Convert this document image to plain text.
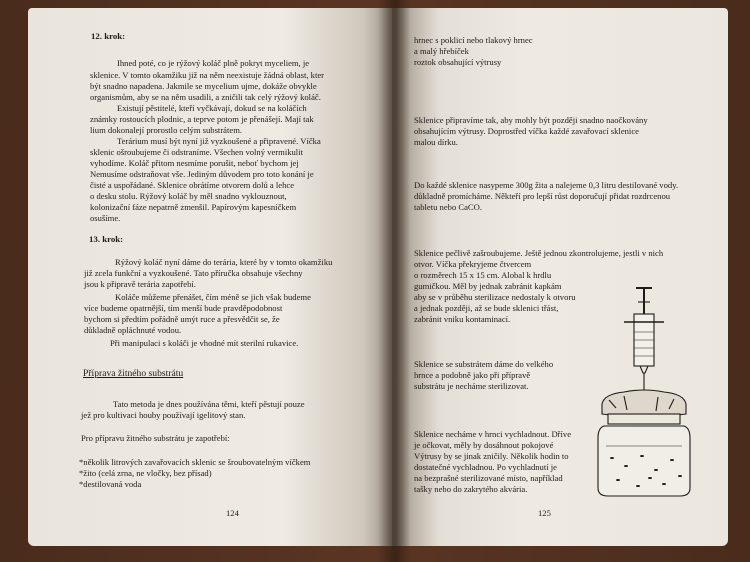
12. krok:
Ihned poté, co je rýžový koláč plně pokryt myceliem, je
sklenice. V tomto okamžiku již na něm neexistuje žádná oblast, kter
být snadno napadena. Jakmile se mycelium ujme, dokáže obvykle
organismům, aby se na něm usadili, a zničili tak celý rýžový koláč.
Existují pěstitelé, kteří vyčkávají, dokud se na koláčích
známky rostoucích plodnic, a teprve potom je přenášejí. Mají tak
lium dokonalejí prorostlo celým substrátem.
Terárium musí být nyní již vyzkoušené a připravené. Víčka
sklenic ošroubujeme či odstraníme. Všechen volný vermikulit
vyhodíme. Koláč přitom nesmíme porušit, neboť bychom jej
Nemusíme odstraňovat vše. Jediným důvodem pro toto konání je
čisté a uspořádané. Sklenice obrátíme otvorem dolů a lehce
o desku stolu. Rýžový koláč by měl snadno vyklouznout,
kolonizační fáze nepatrně zmenšil. Papírovým kapesníčkem
osušíme.
13. krok:
Rýžový koláč nyní dáme do terária, které by v tomto okamžiku
již zcela funkční a vyzkoušené. Tato příručka obsahuje všechny
jsou k připravě terária zapotřebí.
Koláče můžeme přenášet, čím méně se jich však budeme
více budeme opatrnější, tím menší bude pravděpodobnost
bychom si předtím pořádně umýt ruce a přesvědčit se, že
důkladně opláchnuté vodou.
Při manipulaci s koláči je vhodné mít sterilní rukavice.
Příprava žitného substrátu
Tato metoda je dnes používána těmi, kteří pěstují pouze
jež pro kultivaci houby používají igelitový stan.
Pro přípravu žitného substrátu je zapotřebí:
*několik litrových zavařovacích sklenic se šroubovatelným víčkem
*žito (celá zrna, ne vločky, bez přísad)
*destilovaná voda
124
hrnec s poklicí nebo tlakový hrnec
a malý hřebíček
roztok obsahující výtrusy
Sklenice připravíme tak, aby mohly být později snadno naočkovány
obsahujícím výtrusy. Doprostřed víčka každé zavařovací sklenice
malou dírku.
Do každé sklenice nasypeme 300g žita a nalejeme 0,3 litru destilované vody.
důkladně promícháme. Někteří pro lepší růst doporučují přidat rozdrcenou
tabletu nebo CaCO.
Sklenice pečlivě zašroubujeme. Ještě jednou zkontrolujeme, jestli v nich
otvor. Víčka překryjeme čtvercem
o rozměrech 15 x 15 cm. Alobal k hrdlu
gumičkou. Měl by jednak zabránit kapkám
aby se v průběhu sterilizace nedostaly k otvoru
a jednak později, až se bude sklenici třást,
zabránit vniku kontaminací.
Sklenice se substrátem dáme do velkého
hrnce a podobně jako při přípravě
substrátu je necháme sterilizovat.
Sklenice necháme v hrnci vychladnout. Dříve
je očkovat, měly by dosáhnout pokojové
Výtrusy by se jinak zničily. Několik hodin to
dostatečné vychladnou. Po vychladnutí je
na bezprašné sterilizované místo, například
tašky nebo do zakrytého akvária.
125
